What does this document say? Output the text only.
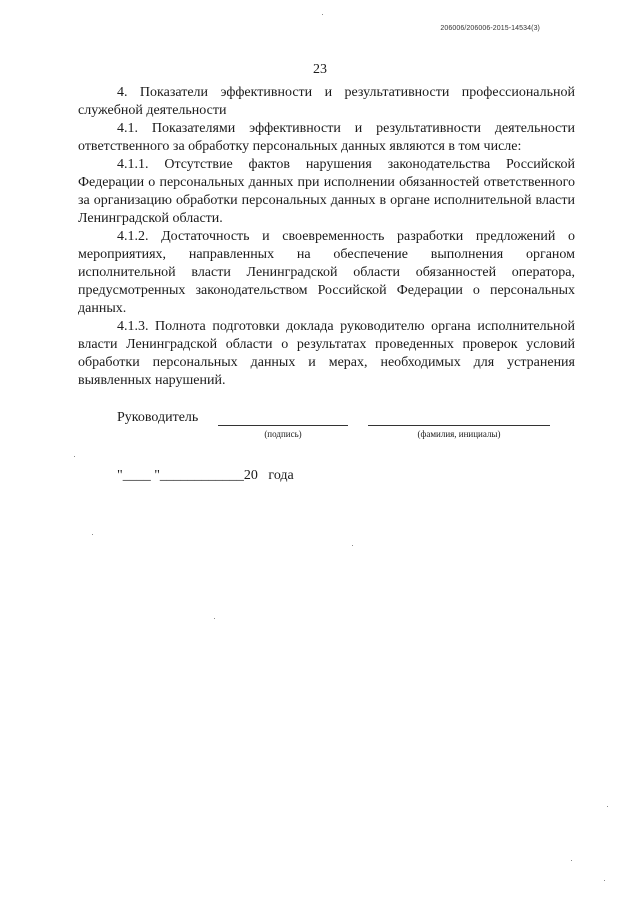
206006/206006-2015-14534(3)
23

4. Показатели эффективности и результативности профессиональной служебной деятельности

4.1. Показателями эффективности и результативности деятельности ответственного за обработку персональных данных являются в том числе:

4.1.1. Отсутствие фактов нарушения законодательства Российской Федерации о персональных данных при исполнении обязанностей ответственного за организацию обработки персональных данных в органе исполнительной власти Ленинградской области.

4.1.2. Достаточность и своевременность разработки предложений о мероприятиях, направленных на обеспечение выполнения органом исполнительной власти Ленинградской области обязанностей оператора, предусмотренных законодательством Российской Федерации о персональных данных.

4.1.3. Полнота подготовки доклада руководителю органа исполнительной власти Ленинградской области о результатах проведенных проверок условий обработки персональных данных и мерах, необходимых для устранения выявленных нарушений.

Руководитель
(подпись)	(фамилия, инициалы)
"____ "____________20   года
